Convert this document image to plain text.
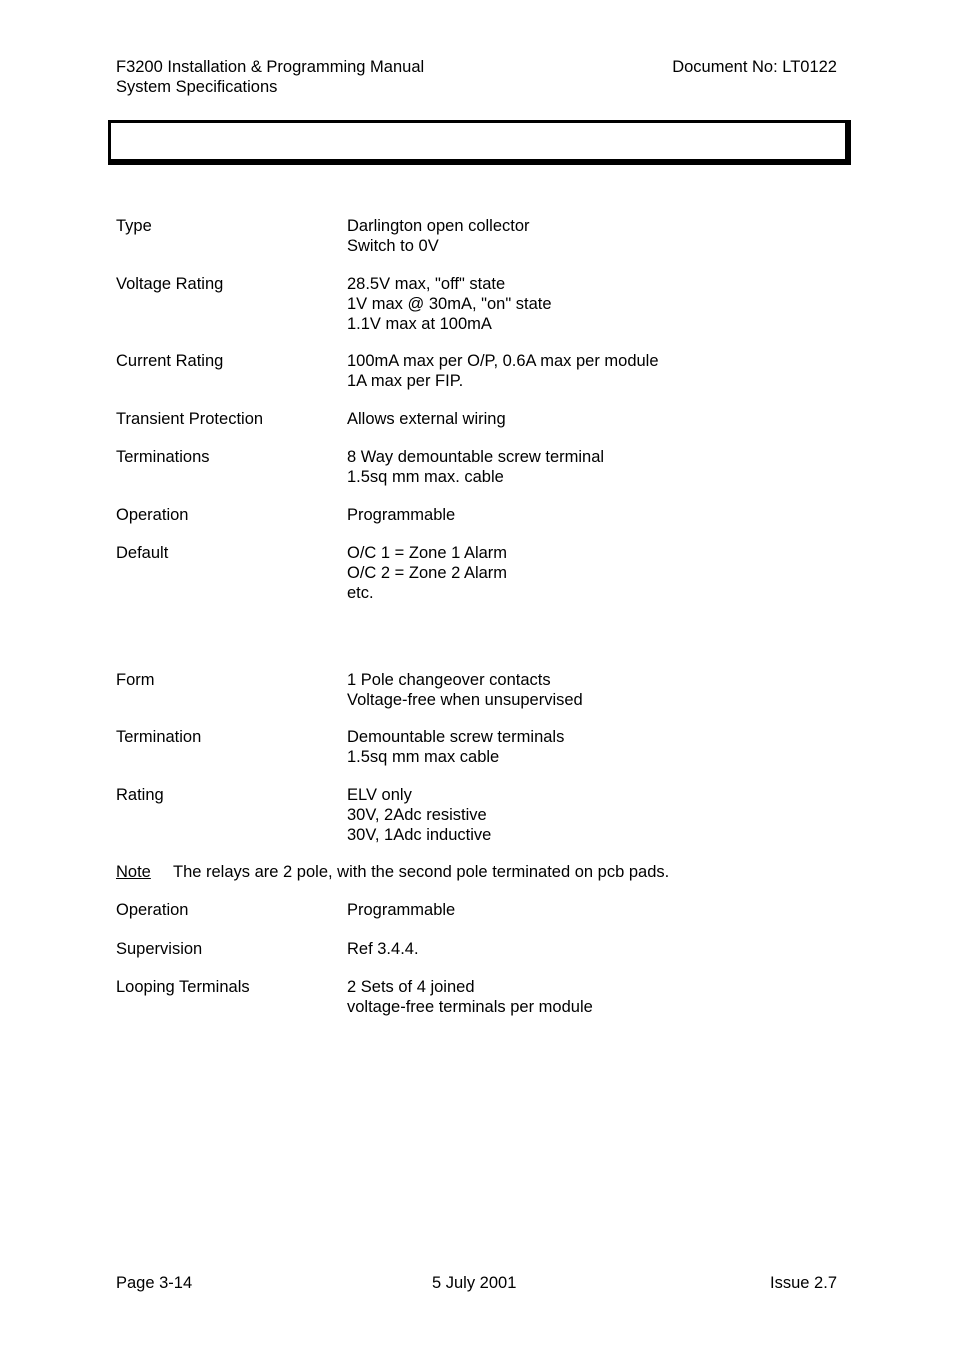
F3200 Installation & Programming Manual
System Specifications
Document No: LT0122
Type	Darlington open collector
Switch to 0V
Voltage Rating	28.5V max, "off" state
1V max @ 30mA, "on" state
1.1V max at 100mA
Current Rating	100mA max per O/P, 0.6A max per module
1A max per FIP.
Transient Protection	Allows external wiring
Terminations	8 Way demountable screw terminal
1.5sq mm max. cable
Operation	Programmable
Default	O/C 1 = Zone 1 Alarm
O/C 2 = Zone 2 Alarm
etc.
Form	1 Pole changeover contacts
Voltage-free when unsupervised
Termination	Demountable screw terminals
1.5sq mm max cable
Rating	ELV only
30V, 2Adc resistive
30V, 1Adc inductive
Note The relays are 2 pole, with the second pole terminated on pcb pads.
Operation	Programmable
Supervision	Ref 3.4.4.
Looping Terminals	2 Sets of 4 joined
voltage-free terminals per module
Page 3-14	5 July 2001	Issue 2.7
